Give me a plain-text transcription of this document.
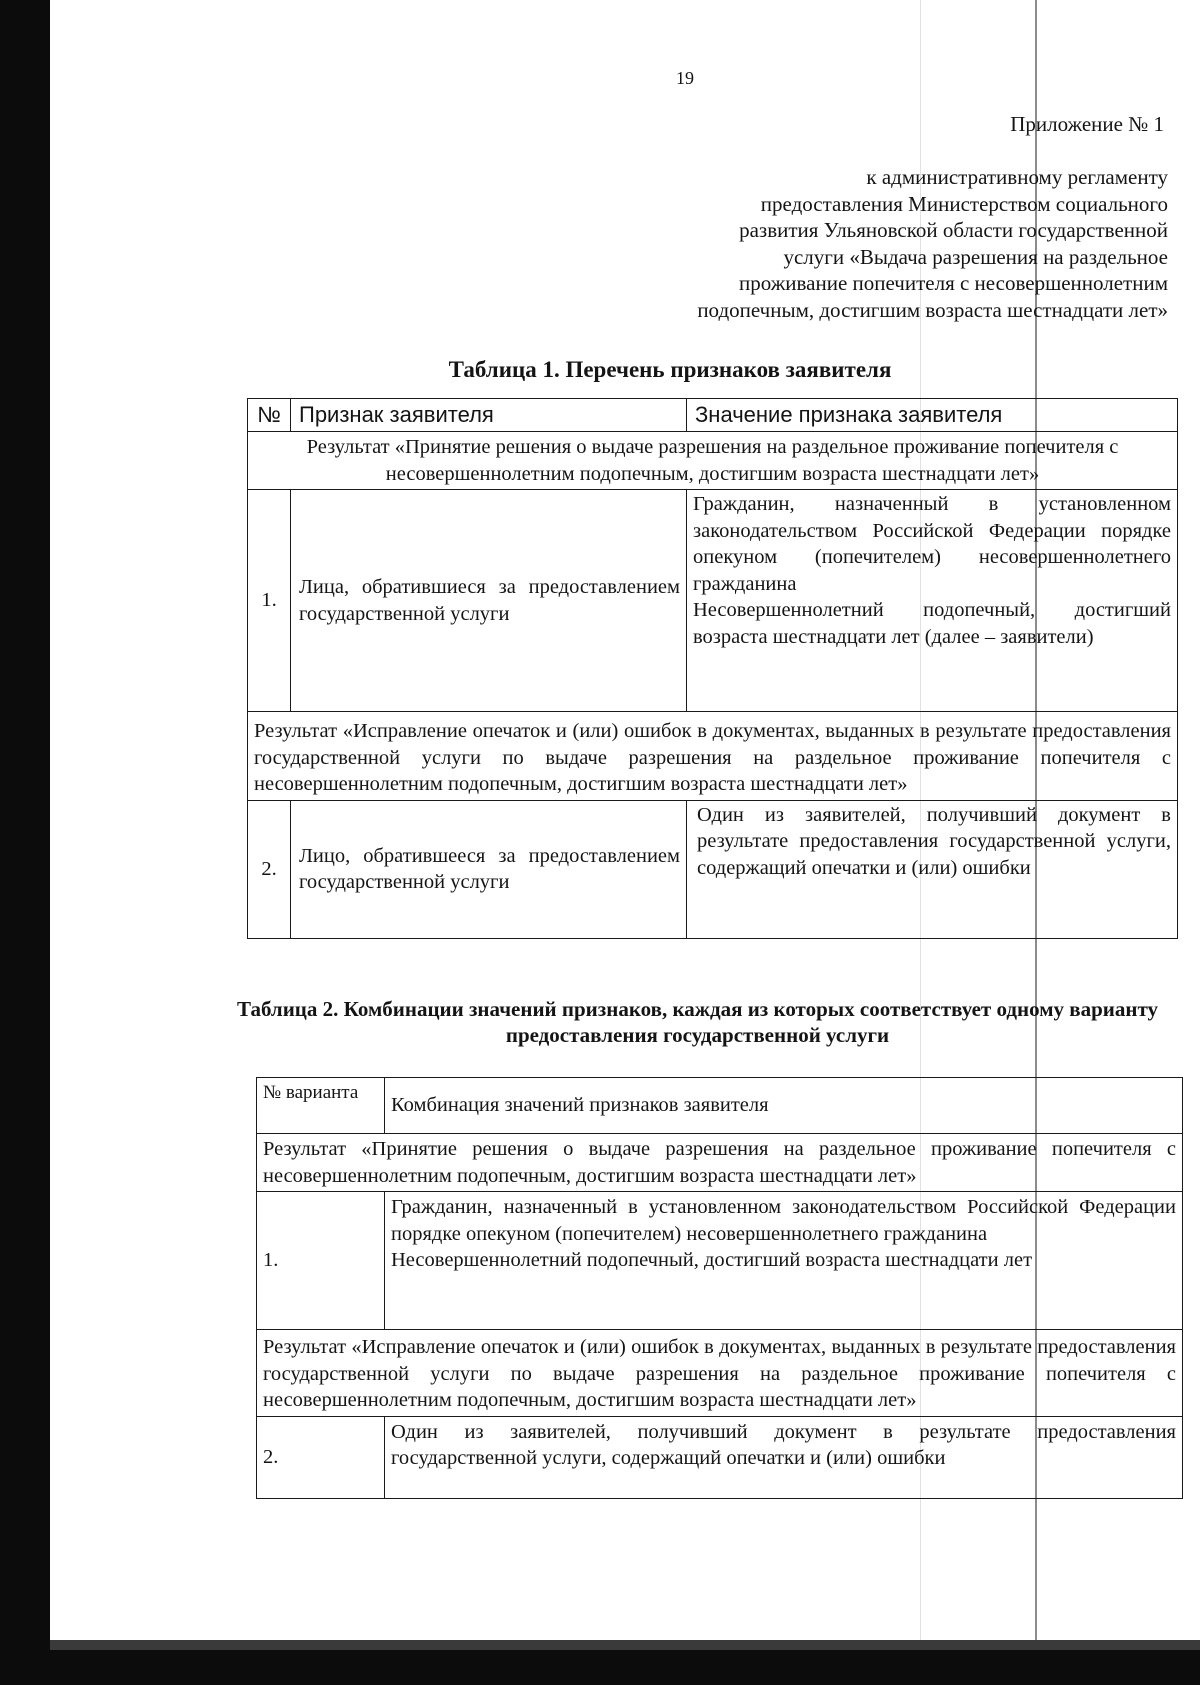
19
Приложение № 1
к административному регламенту
предоставления Министерством социального
развития Ульяновской области государственной
услуги «Выдача разрешения на раздельное
проживание попечителя с несовершеннолетним
подопечным, достигшим возраста шестнадцати лет»
Таблица 1. Перечень признаков заявителя
№	Признак заявителя	Значение признака заявителя
Результат «Принятие решения о выдаче разрешения на раздельное проживание попечителя с несовершеннолетним подопечным, достигшим возраста шестнадцати лет»		
1.	Лица, обратившиеся за предоставлением государственной услуги	Гражданин, назначенный в установленном законодательством Российской Федерации порядке опекуном (попечителем) несовершеннолетнего гражданина
Несовершеннолетний подопечный, достигший возраста шестнадцати лет (далее – заявители)

Результат «Исправление опечаток и (или) ошибок в документах, выданных в результате предоставления государственной услуги по выдаче разрешения на раздельное проживание попечителя с несовершеннолетним подопечным, достигшим возраста шестнадцати лет»		
2.	Лицо, обратившееся за предоставлением государственной услуги	Один из заявителей, получивший документ в результате предоставления государственной услуги, содержащий опечатки и (или) ошибки
Таблица 2. Комбинации значений признаков, каждая из которых соответствует одному варианту предоставления государственной услуги
№ варианта	Комбинация значений признаков заявителя
Результат «Принятие решения о выдаче разрешения на раздельное проживание попечителя с несовершеннолетним подопечным, достигшим возраста шестнадцати лет»	
1.	Гражданин, назначенный в установленном законодательством Российской Федерации порядке опекуном (попечителем) несовершеннолетнего гражданина
Несовершеннолетний подопечный, достигший возраста шестнадцати лет

Результат «Исправление опечаток и (или) ошибок в документах, выданных в результате предоставления государственной услуги по выдаче разрешения на раздельное проживание попечителя с несовершеннолетним подопечным, достигшим возраста шестнадцати лет»	
2.	Один из заявителей, получивший документ в результате предоставления государственной услуги, содержащий опечатки и (или) ошибки
